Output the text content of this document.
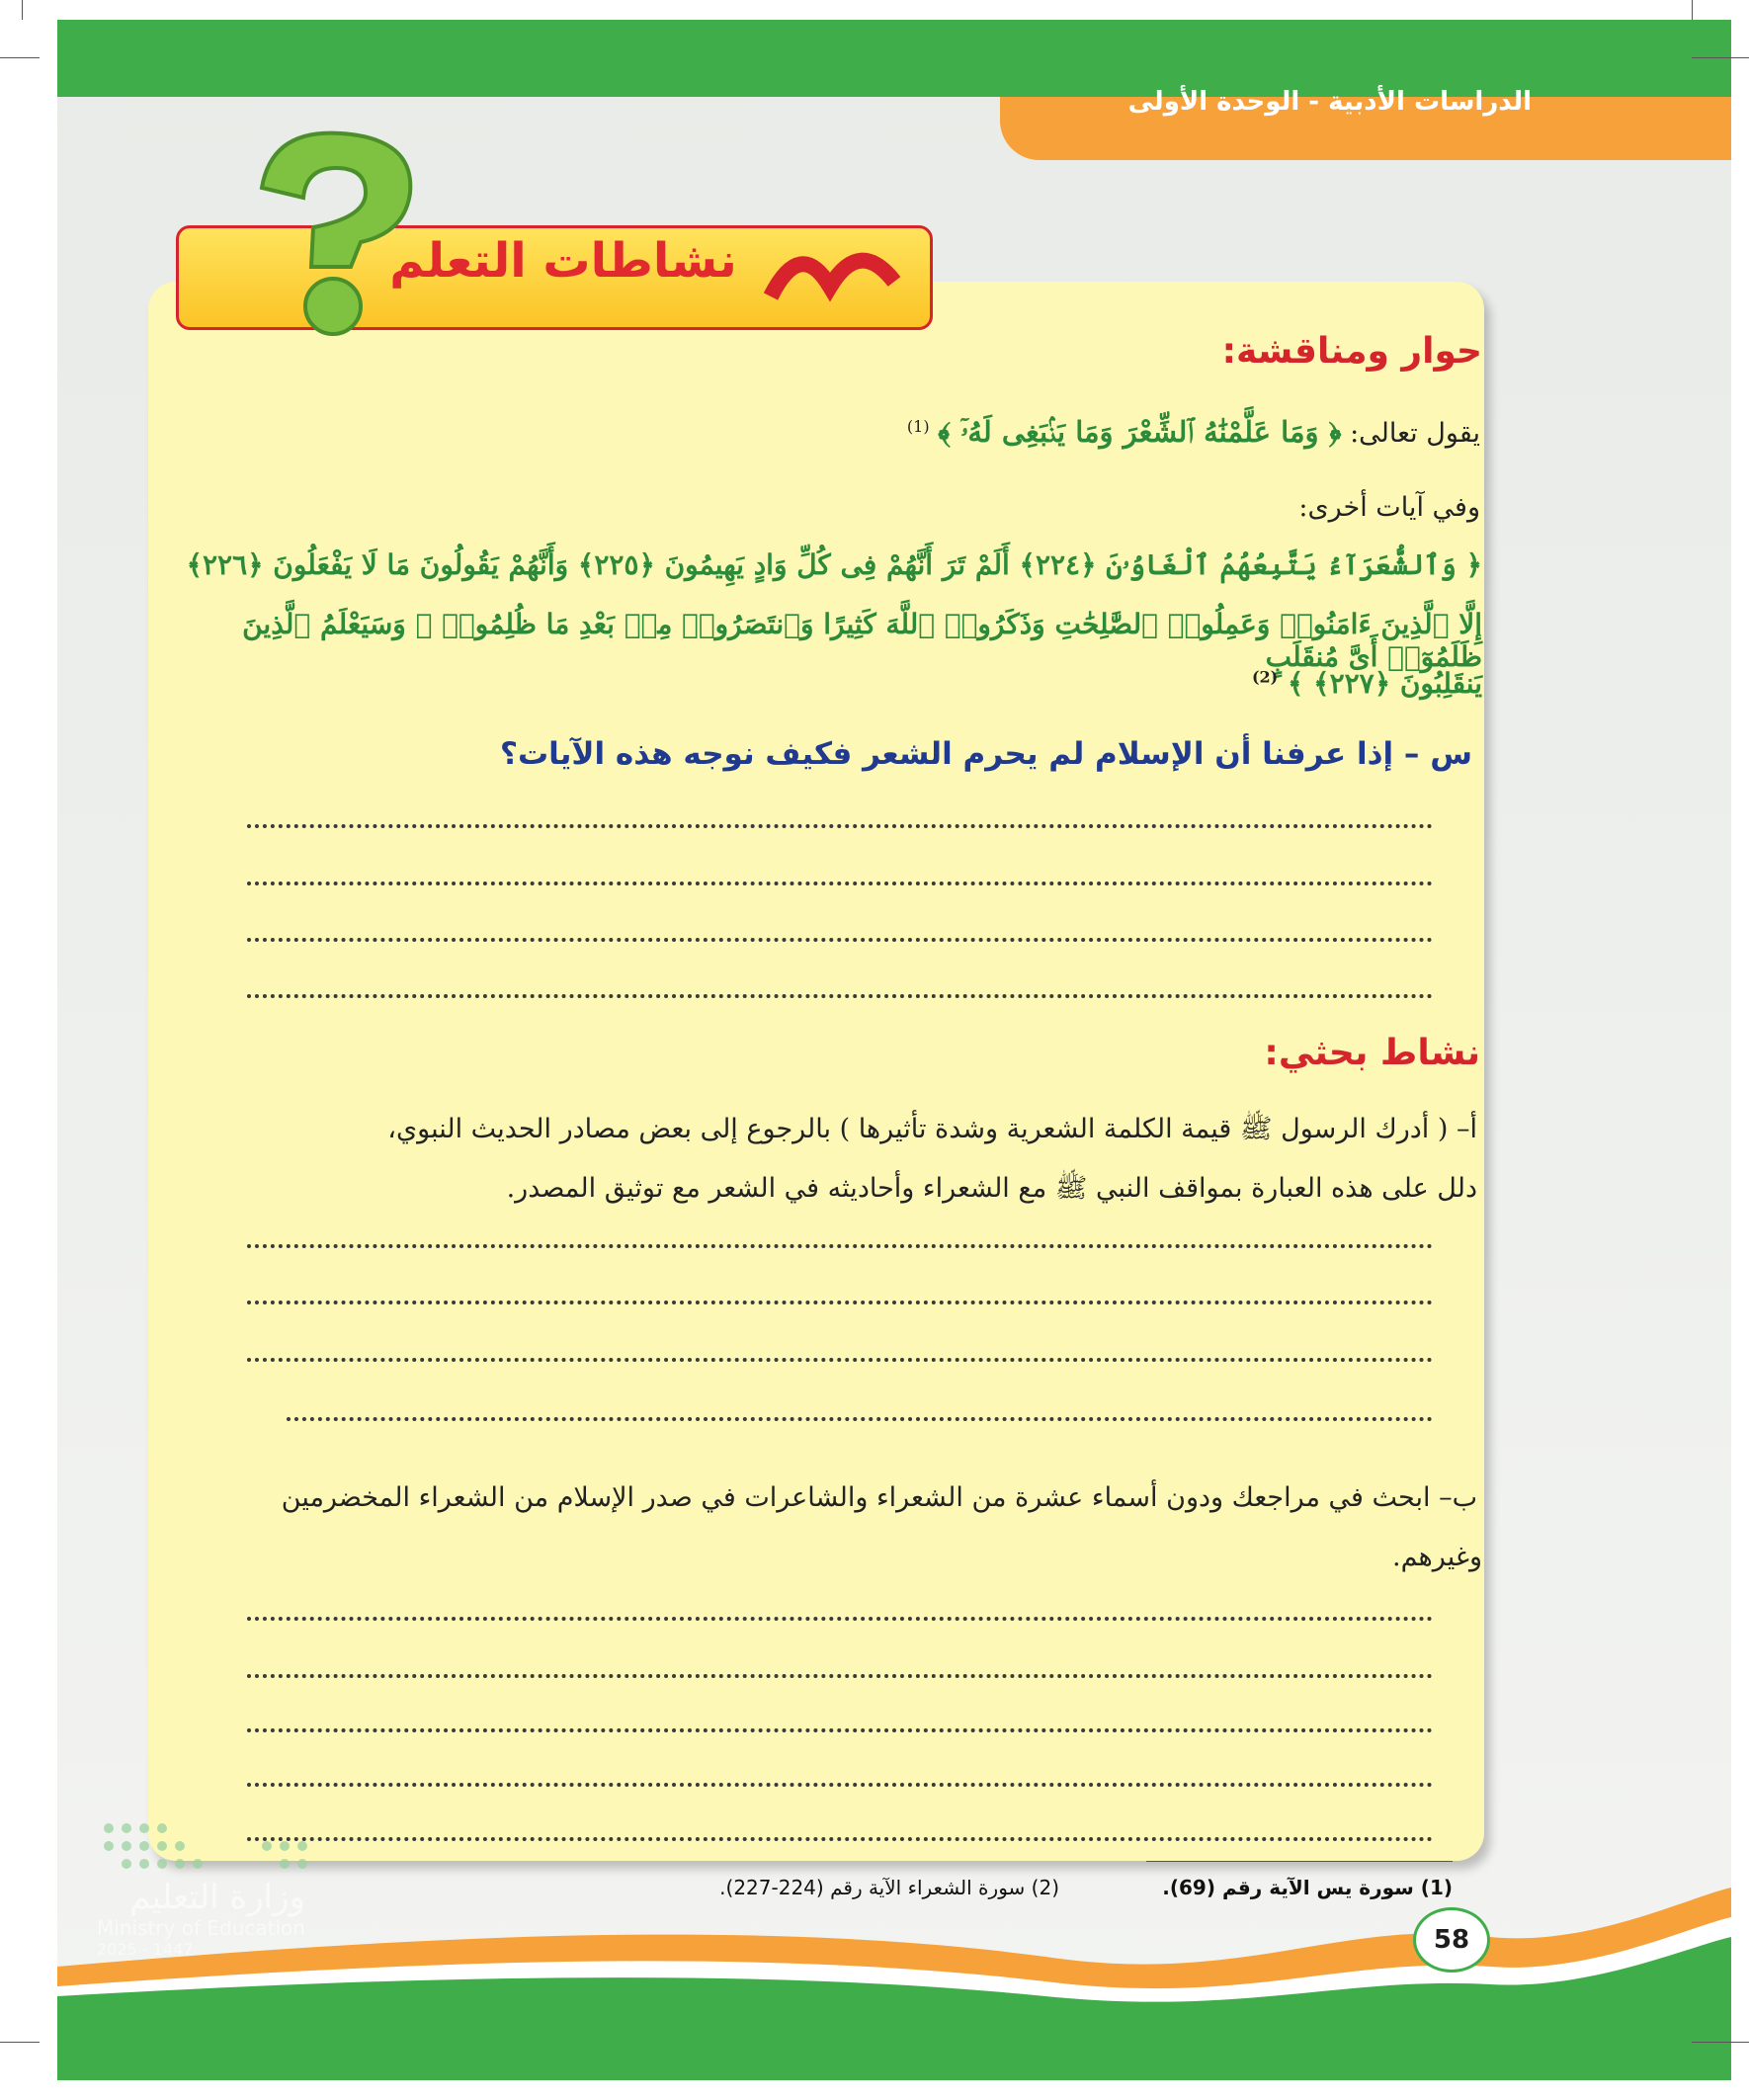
الدراسات الأدبية - الوحدة الأولى
نشاطات التعلم
حوار ومناقشة:
يقول تعالى: ﴿ وَمَا عَلَّمْنَٰهُ ٱلشِّعْرَ وَمَا يَنۢبَغِى لَهُۥٓ ﴾ $^{(1)}$
وفي آيات أخرى:
﴿ وَٱلشُّعَرَآءُ يَتَّبِعُهُمُ ٱلْغَاوُۥنَ ﴿٢٢٤﴾ أَلَمْ تَرَ أَنَّهُمْ فِى كُلِّ وَادٍ يَهِيمُونَ ﴿٢٢٥﴾ وَأَنَّهُمْ يَقُولُونَ مَا لَا يَفْعَلُونَ ﴿٢٢٦﴾
إِلَّا ٱلَّذِينَ ءَامَنُوا۟ وَعَمِلُوا۟ ٱلصَّٰلِحَٰتِ وَذَكَرُوا۟ ٱللَّهَ كَثِيرًا وَٱنتَصَرُوا۟ مِنۢ بَعْدِ مَا ظُلِمُوا۟ ۗ وَسَيَعْلَمُ ٱلَّذِينَ ظَلَمُوٓا۟ أَىَّ مُنقَلَبٍ
يَنقَلِبُونَ ﴿٢٢٧﴾ ﴾ $^{(2)}$
س – إذا عرفنا أن الإسلام لم يحرم الشعر فكيف نوجه هذه الآيات؟
نشاط بحثي:
أ– ( أدرك الرسول ﷺ قيمة الكلمة الشعرية وشدة تأثيرها ) بالرجوع إلى بعض مصادر الحديث النبوي،
دلل على هذه العبارة بمواقف النبي ﷺ مع الشعراء وأحاديثه في الشعر مع توثيق المصدر.
ب– ابحث في مراجعك ودون أسماء عشرة من الشعراء والشاعرات في صدر الإسلام من الشعراء المخضرمين
وغيرهم.
(1) سورة يس الآية رقم (69).
(2) سورة الشعراء الآية رقم (224-227).
58
وزارة التعليم
Ministry of Education
2025 - 1447
